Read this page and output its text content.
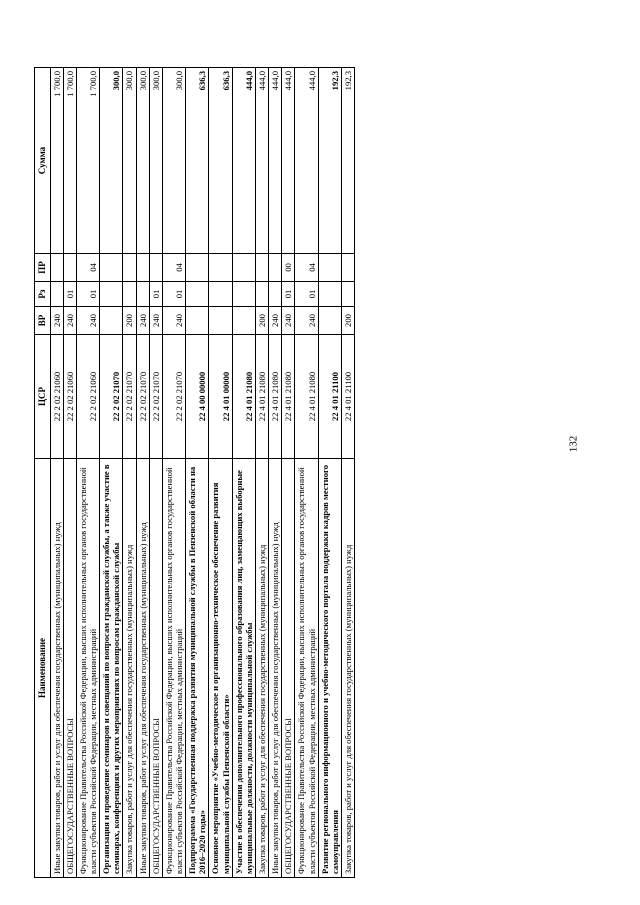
132
Наименование	ЦСР	ВР	Рз	ПР	Сумма
Иные закупки товаров, работ и услуг для обеспечения государственных (муниципальных) нужд	22 2 02 21060	240			1 700,0
ОБЩЕГОСУДАРСТВЕННЫЕ ВОПРОСЫ	22 2 02 21060	240	01		1 700,0
Функционирование Правительства Российской Федерации, высших исполнительных органов государственной власти субъектов Российской Федерации, местных администраций	22 2 02 21060	240	01	04	1 700,0
Организация и проведение семинаров и совещаний по вопросам гражданской службы, а также участие в семинарах, конференциях и других мероприятиях по вопросам гражданской службы	22 2 02 21070				300,0
Закупка товаров, работ и услуг для обеспечения государственных (муниципальных) нужд	22 2 02 21070	200			300,0
Иные закупки товаров, работ и услуг для обеспечения государственных (муниципальных) нужд	22 2 02 21070	240			300,0
ОБЩЕГОСУДАРСТВЕННЫЕ ВОПРОСЫ	22 2 02 21070	240	01		300,0
Функционирование Правительства Российской Федерации, высших исполнительных органов государственной власти субъектов Российской Федерации, местных администраций	22 2 02 21070	240	01	04	300,0
Подпрограмма «Государственная поддержка развития муниципальной службы в Пензенской области на 2016–2020 годы»	22 4 00 00000				636,3
Основное мероприятие «Учебно-методическое и организационно-техническое обеспечение развития муниципальной службы Пензенской области»	22 4 01 00000				636,3
Участие в обеспечении дополнительного профессионального образования лиц, замещающих выборные муниципальные должности, должности муниципальной службы	22 4 01 21080				444,0
Закупка товаров, работ и услуг для обеспечения государственных (муниципальных) нужд	22 4 01 21080	200			444,0
Иные закупки товаров, работ и услуг для обеспечения государственных (муниципальных) нужд	22 4 01 21080	240			444,0
ОБЩЕГОСУДАРСТВЕННЫЕ ВОПРОСЫ	22 4 01 21080	240	01	00	444,0
Функционирование Правительства Российской Федерации, высших исполнительных органов государственной власти субъектов Российской Федерации, местных администраций	22 4 01 21080	240	01	04	444,0
Развитие регионального информационного и учебно-методического портала поддержки кадров местного самоуправления	22 4 01 21100				192,3
Закупка товаров, работ и услуг для обеспечения государственных (муниципальных) нужд	22 4 01 21100	200			192,3
